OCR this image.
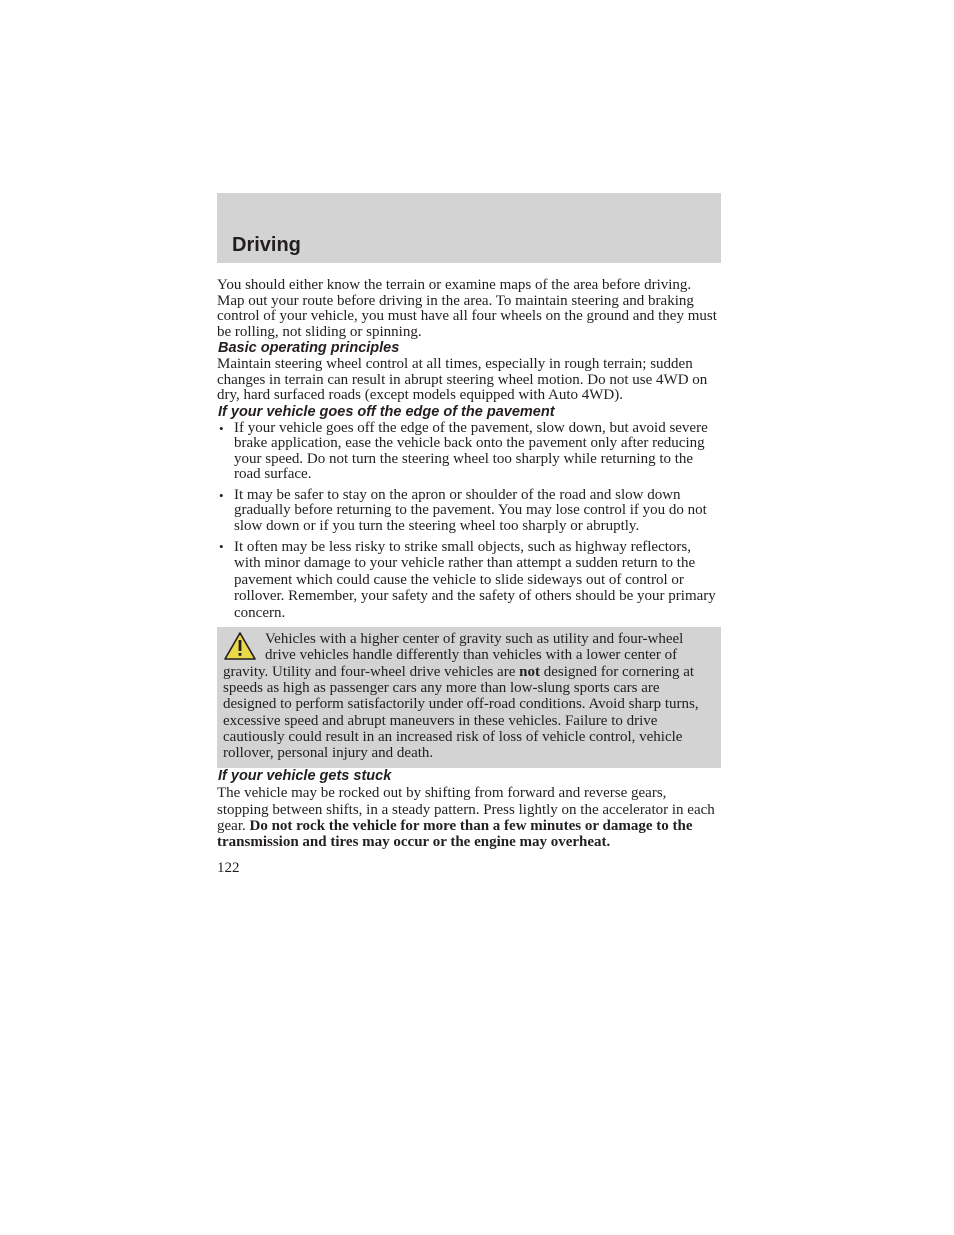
Driving

You should either know the terrain or examine maps of the area before driving. Map out your route before driving in the area. To maintain steering and braking control of your vehicle, you must have all four wheels on the ground and they must be rolling, not sliding or spinning.

Basic operating principles

Maintain steering wheel control at all times, especially in rough terrain; sudden changes in terrain can result in abrupt steering wheel motion. Do not use 4WD on dry, hard surfaced roads (except models equipped with Auto 4WD).

If your vehicle goes off the edge of the pavement
• If your vehicle goes off the edge of the pavement, slow down, but avoid severe brake application, ease the vehicle back onto the pavement only after reducing your speed. Do not turn the steering wheel too sharply while returning to the road surface.
• It may be safer to stay on the apron or shoulder of the road and slow down gradually before returning to the pavement. You may lose control if you do not slow down or if you turn the steering wheel too sharply or abruptly.
• It often may be less risky to strike small objects, such as highway reflectors, with minor damage to your vehicle rather than attempt a sudden return to the pavement which could cause the vehicle to slide sideways out of control or rollover. Remember, your safety and the safety of others should be your primary concern.
Vehicles with a higher center of gravity such as utility and four-wheel drive vehicles handle differently than vehicles with a lower center of gravity. Utility and four-wheel drive vehicles are not designed for cornering at speeds as high as passenger cars any more than low-slung sports cars are designed to perform satisfactorily under off-road conditions. Avoid sharp turns, excessive speed and abrupt maneuvers in these vehicles. Failure to drive cautiously could result in an increased risk of loss of vehicle control, vehicle rollover, personal injury and death.
If your vehicle gets stuck

The vehicle may be rocked out by shifting from forward and reverse gears, stopping between shifts, in a steady pattern. Press lightly on the accelerator in each gear. Do not rock the vehicle for more than a few minutes or damage to the transmission and tires may occur or the engine may overheat.

122
